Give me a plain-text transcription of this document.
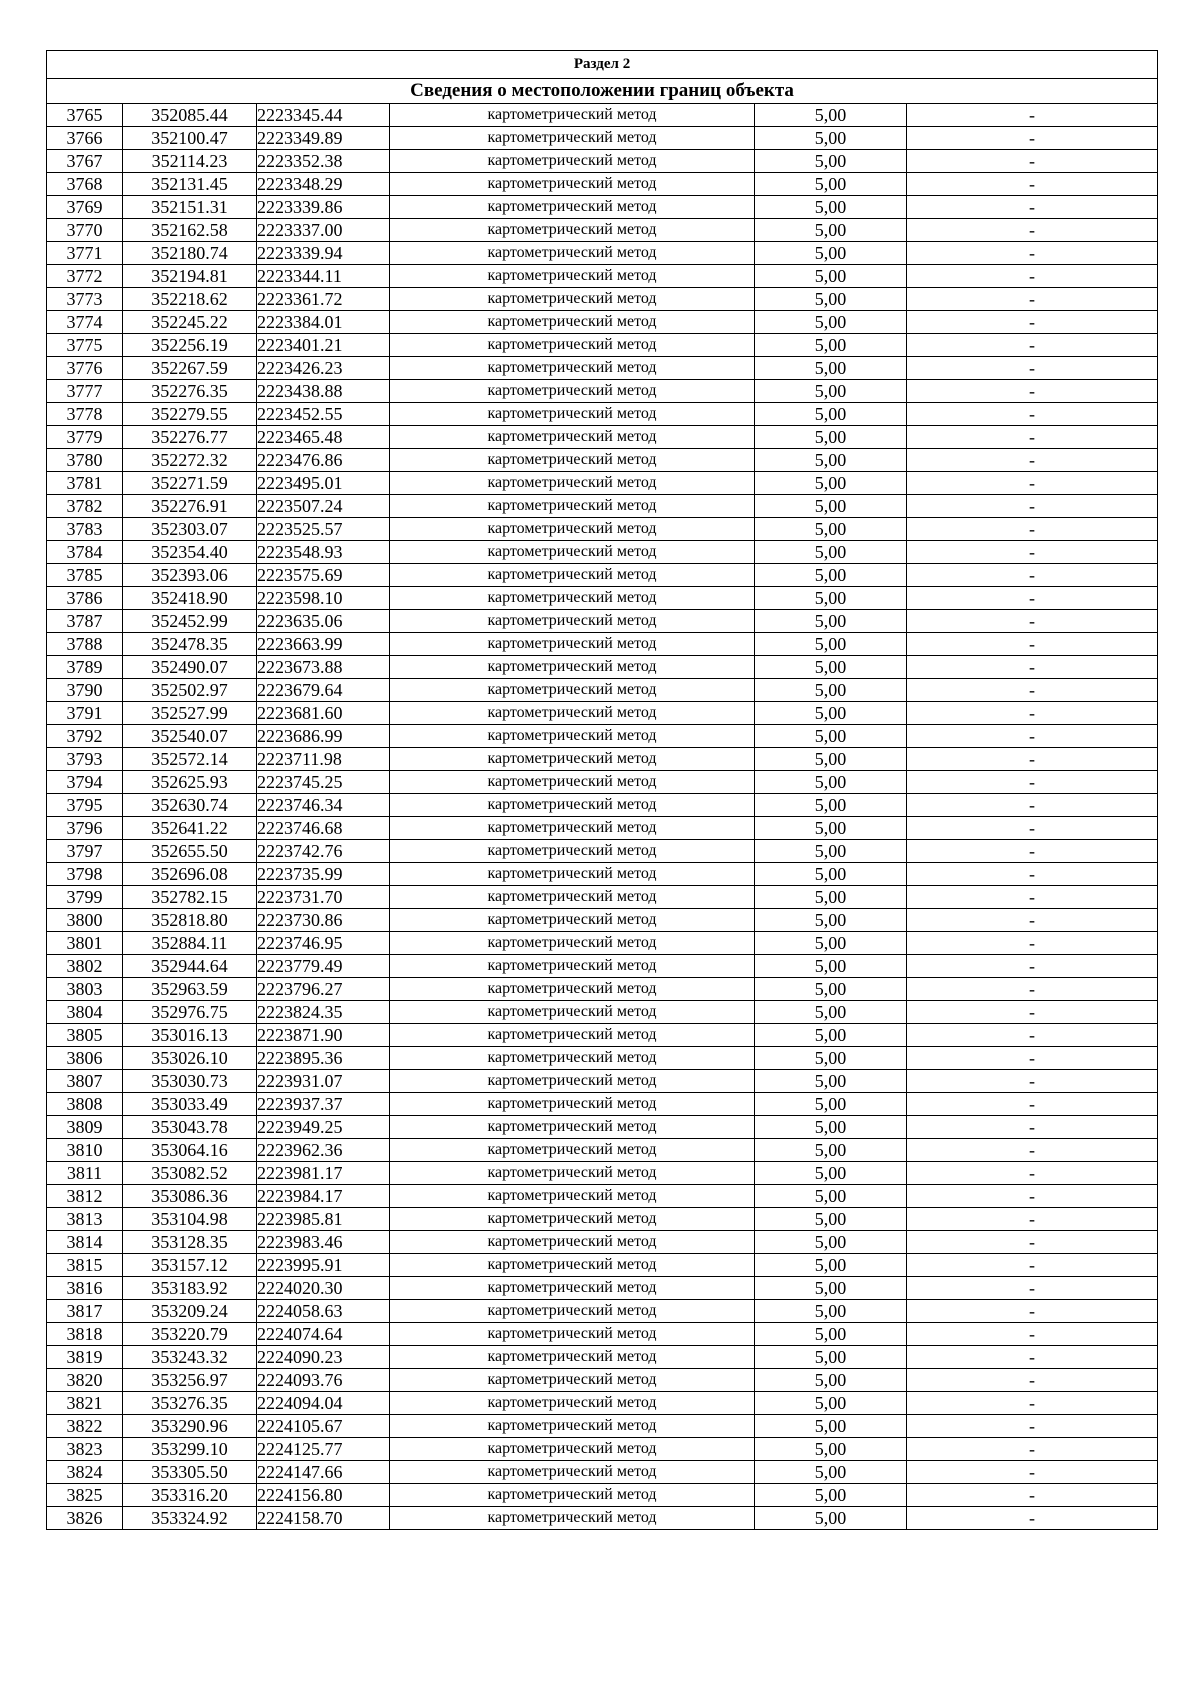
Раздел 2					
Сведения о местоположении границ объекта					
3765	352085.44	2223345.44	картометрический метод	5,00	-
3766	352100.47	2223349.89	картометрический метод	5,00	-
3767	352114.23	2223352.38	картометрический метод	5,00	-
3768	352131.45	2223348.29	картометрический метод	5,00	-
3769	352151.31	2223339.86	картометрический метод	5,00	-
3770	352162.58	2223337.00	картометрический метод	5,00	-
3771	352180.74	2223339.94	картометрический метод	5,00	-
3772	352194.81	2223344.11	картометрический метод	5,00	-
3773	352218.62	2223361.72	картометрический метод	5,00	-
3774	352245.22	2223384.01	картометрический метод	5,00	-
3775	352256.19	2223401.21	картометрический метод	5,00	-
3776	352267.59	2223426.23	картометрический метод	5,00	-
3777	352276.35	2223438.88	картометрический метод	5,00	-
3778	352279.55	2223452.55	картометрический метод	5,00	-
3779	352276.77	2223465.48	картометрический метод	5,00	-
3780	352272.32	2223476.86	картометрический метод	5,00	-
3781	352271.59	2223495.01	картометрический метод	5,00	-
3782	352276.91	2223507.24	картометрический метод	5,00	-
3783	352303.07	2223525.57	картометрический метод	5,00	-
3784	352354.40	2223548.93	картометрический метод	5,00	-
3785	352393.06	2223575.69	картометрический метод	5,00	-
3786	352418.90	2223598.10	картометрический метод	5,00	-
3787	352452.99	2223635.06	картометрический метод	5,00	-
3788	352478.35	2223663.99	картометрический метод	5,00	-
3789	352490.07	2223673.88	картометрический метод	5,00	-
3790	352502.97	2223679.64	картометрический метод	5,00	-
3791	352527.99	2223681.60	картометрический метод	5,00	-
3792	352540.07	2223686.99	картометрический метод	5,00	-
3793	352572.14	2223711.98	картометрический метод	5,00	-
3794	352625.93	2223745.25	картометрический метод	5,00	-
3795	352630.74	2223746.34	картометрический метод	5,00	-
3796	352641.22	2223746.68	картометрический метод	5,00	-
3797	352655.50	2223742.76	картометрический метод	5,00	-
3798	352696.08	2223735.99	картометрический метод	5,00	-
3799	352782.15	2223731.70	картометрический метод	5,00	-
3800	352818.80	2223730.86	картометрический метод	5,00	-
3801	352884.11	2223746.95	картометрический метод	5,00	-
3802	352944.64	2223779.49	картометрический метод	5,00	-
3803	352963.59	2223796.27	картометрический метод	5,00	-
3804	352976.75	2223824.35	картометрический метод	5,00	-
3805	353016.13	2223871.90	картометрический метод	5,00	-
3806	353026.10	2223895.36	картометрический метод	5,00	-
3807	353030.73	2223931.07	картометрический метод	5,00	-
3808	353033.49	2223937.37	картометрический метод	5,00	-
3809	353043.78	2223949.25	картометрический метод	5,00	-
3810	353064.16	2223962.36	картометрический метод	5,00	-
3811	353082.52	2223981.17	картометрический метод	5,00	-
3812	353086.36	2223984.17	картометрический метод	5,00	-
3813	353104.98	2223985.81	картометрический метод	5,00	-
3814	353128.35	2223983.46	картометрический метод	5,00	-
3815	353157.12	2223995.91	картометрический метод	5,00	-
3816	353183.92	2224020.30	картометрический метод	5,00	-
3817	353209.24	2224058.63	картометрический метод	5,00	-
3818	353220.79	2224074.64	картометрический метод	5,00	-
3819	353243.32	2224090.23	картометрический метод	5,00	-
3820	353256.97	2224093.76	картометрический метод	5,00	-
3821	353276.35	2224094.04	картометрический метод	5,00	-
3822	353290.96	2224105.67	картометрический метод	5,00	-
3823	353299.10	2224125.77	картометрический метод	5,00	-
3824	353305.50	2224147.66	картометрический метод	5,00	-
3825	353316.20	2224156.80	картометрический метод	5,00	-
3826	353324.92	2224158.70	картометрический метод	5,00	-
